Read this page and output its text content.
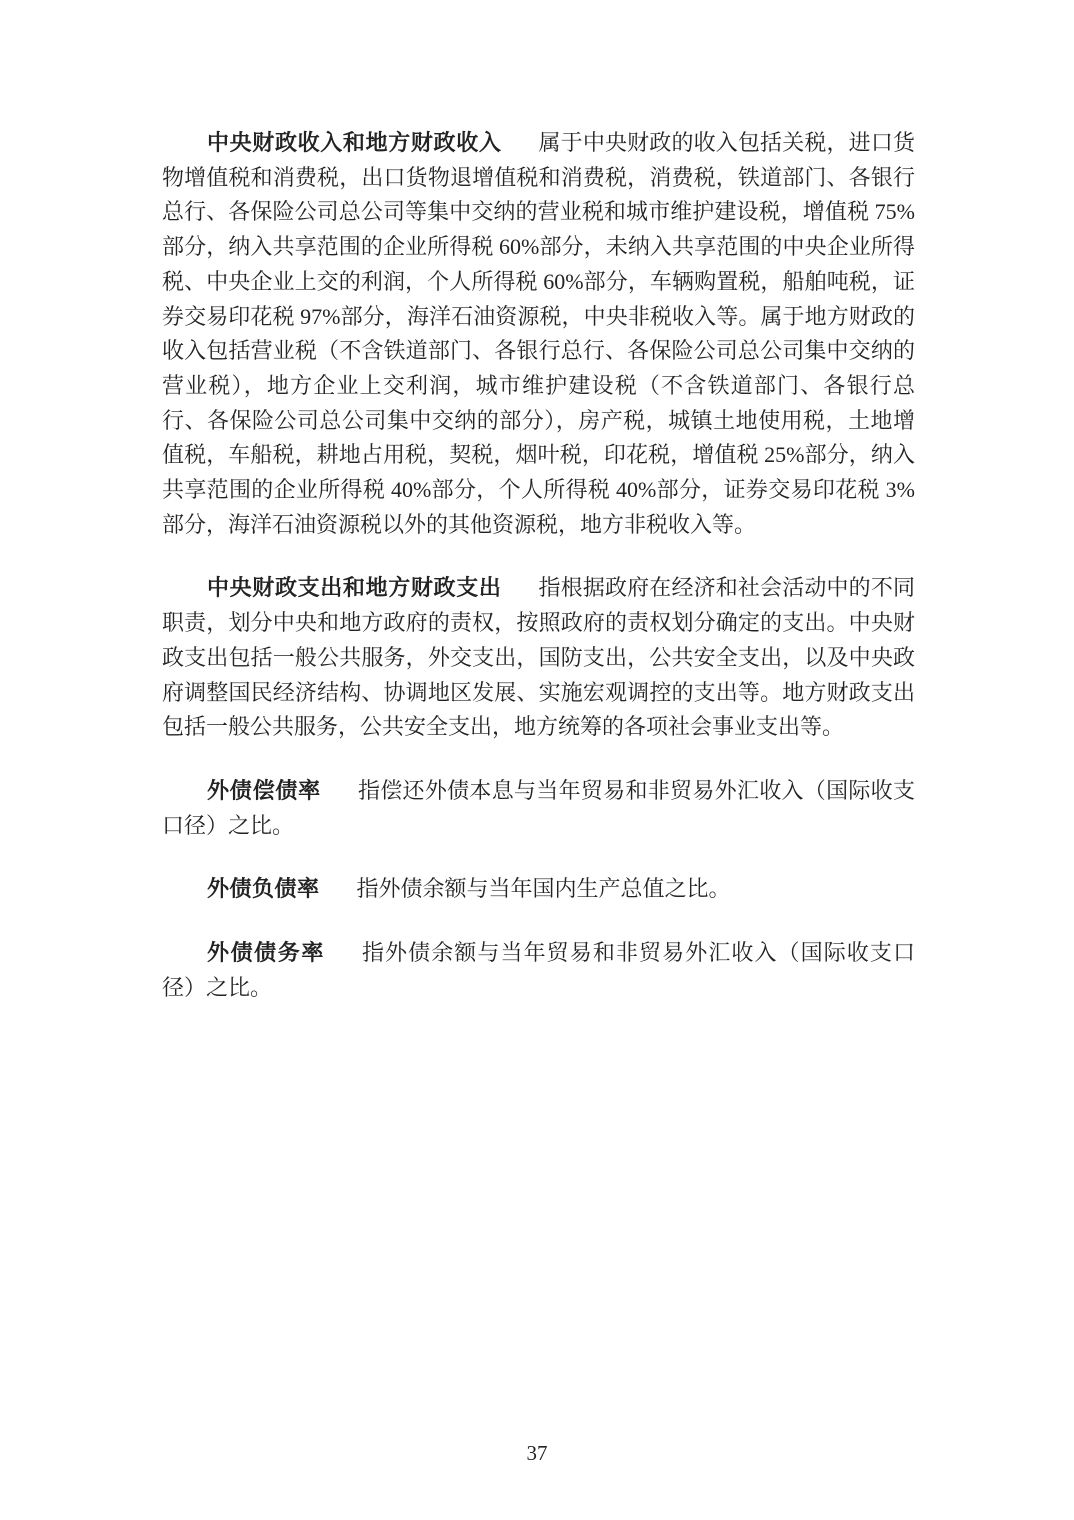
中央财政收入和地方财政收入 属于中央财政的收入包括关税，进口货物增值税和消费税，出口货物退增值税和消费税，消费税，铁道部门、各银行总行、各保险公司总公司等集中交纳的营业税和城市维护建设税，增值税 75%部分，纳入共享范围的企业所得税 60%部分，未纳入共享范围的中央企业所得税、中央企业上交的利润，个人所得税 60%部分，车辆购置税，船舶吨税，证券交易印花税 97%部分，海洋石油资源税，中央非税收入等。属于地方财政的收入包括营业税（不含铁道部门、各银行总行、各保险公司总公司集中交纳的营业税），地方企业上交利润，城市维护建设税（不含铁道部门、各银行总行、各保险公司总公司集中交纳的部分），房产税，城镇土地使用税，土地增值税，车船税，耕地占用税，契税，烟叶税，印花税，增值税 25%部分，纳入共享范围的企业所得税 40%部分，个人所得税 40%部分，证券交易印花税 3%部分，海洋石油资源税以外的其他资源税，地方非税收入等。

中央财政支出和地方财政支出 指根据政府在经济和社会活动中的不同职责，划分中央和地方政府的责权，按照政府的责权划分确定的支出。中央财政支出包括一般公共服务，外交支出，国防支出，公共安全支出，以及中央政府调整国民经济结构、协调地区发展、实施宏观调控的支出等。地方财政支出包括一般公共服务，公共安全支出，地方统筹的各项社会事业支出等。

外债偿债率 指偿还外债本息与当年贸易和非贸易外汇收入（国际收支口径）之比。

外债负债率 指外债余额与当年国内生产总值之比。

外债债务率 指外债余额与当年贸易和非贸易外汇收入（国际收支口径）之比。

37
